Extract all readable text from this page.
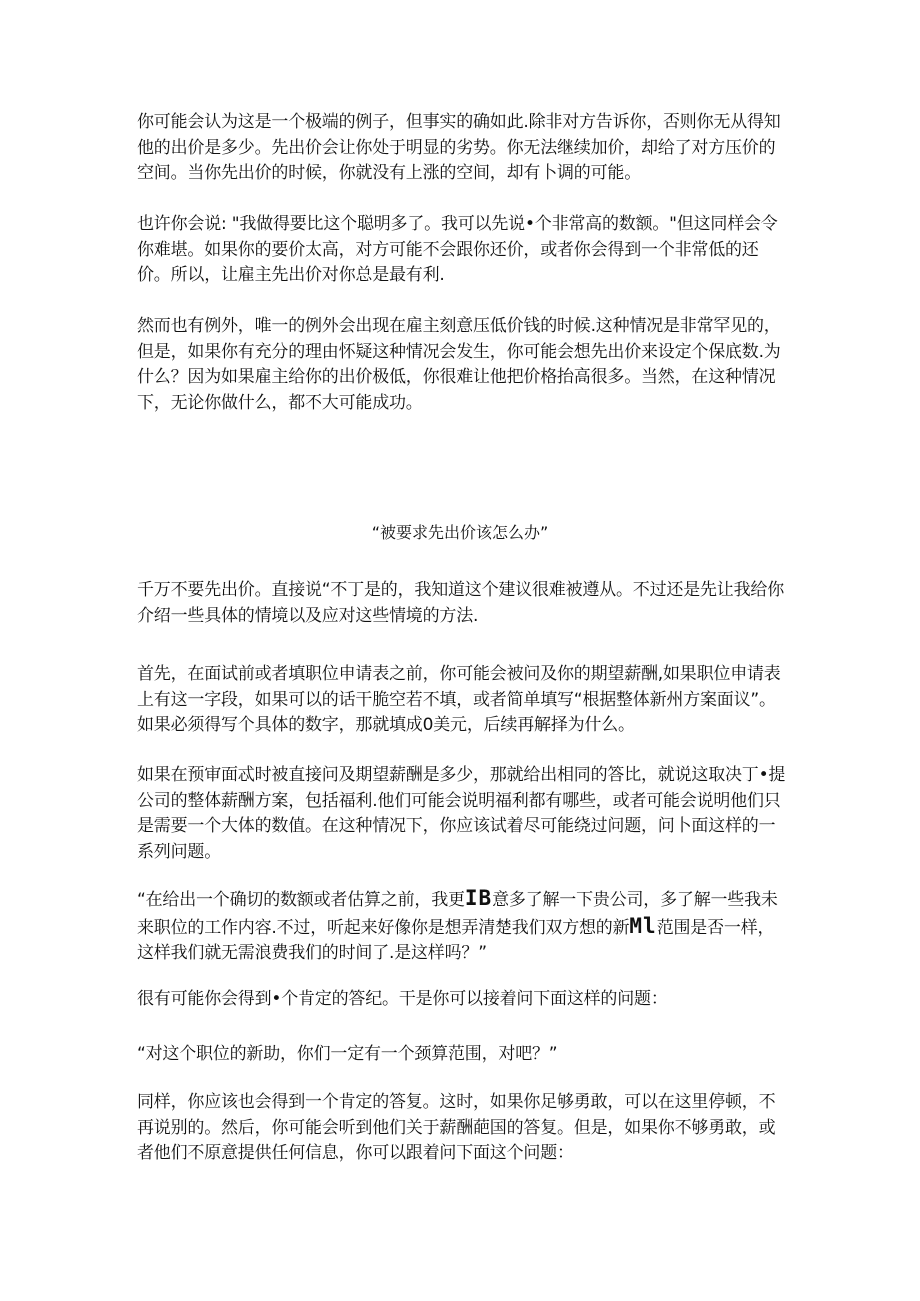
你可能会认为这是一个极端的例子，但事实的确如此.除非对方告诉你，否则你无从得知他的出价是多少。先出价会让你处于明显的劣势。你无法继续加价，却给了对方压价的空间。当你先出价的时候，你就没有上涨的空间，却有卜调的可能。

也许你会说: "我做得要比这个聪明多了。我可以先说•个非常高的数额。"但这同样会令你难堪。如果你的要价太高，对方可能不会跟你还价，或者你会得到一个非常低的还价。所以，让雇主先出价对你总是最有利.

然而也有例外，唯一的例外会出现在雇主刻意压低价钱的时候.这种情况是非常罕见的，但是，如果你有充分的理由怀疑这种情况会发生，你可能会想先出价来设定个保底数.为什么？因为如果雇主给你的出价极低，你很难让他把价格抬高很多。当然，在这种情况下，无论你做什么，都不大可能成功。

“被要求先出价该怎么办”

千万不要先出价。直接说“不丁是的，我知道这个建议很难被遵从。不过还是先让我给你介绍一些具体的情境以及应对这些情境的方法.

首先，在面试前或者填职位申请表之前，你可能会被问及你的期望薪酬,如果职位申请表上有这一字段，如果可以的话干脆空若不填，或者简单填写“根据整体新州方案面议”。如果必须得写个具体的数字，那就填成0美元，后续再解择为什么。

如果在预审面忒时被直接问及期望薪酬是多少，那就给出相同的答比，就说这取决丁•提公司的整体薪酬方案，包括福利.他们可能会说明福利都有哪些，或者可能会说明他们只是需要一个大体的数值。在这种情况下，你应该试着尽可能绕过问题，问卜面这样的一系列问题。

“在给出一个确切的数额或者估算之前，我更IB意多了解一下贵公司，多了解一些我未来职位的工作内容.不过，听起来好像你是想弄清楚我们双方想的新Ml范围是否一样，这样我们就无需浪费我们的时间了.是这样吗？”

很有可能你会得到•个肯定的答纪。干是你可以接着问下面这样的问题：

“对这个职位的新助，你们一定有一个颈算范围，对吧？”

同样，你应该也会得到一个肯定的答复。这时，如果你足够勇敢，可以在这里停顿，不再说别的。然后，你可能会听到他们关于薪酬葩国的答复。但是，如果你不够勇敢，或者他们不原意提供任何信息，你可以跟着问下面这个问题：
